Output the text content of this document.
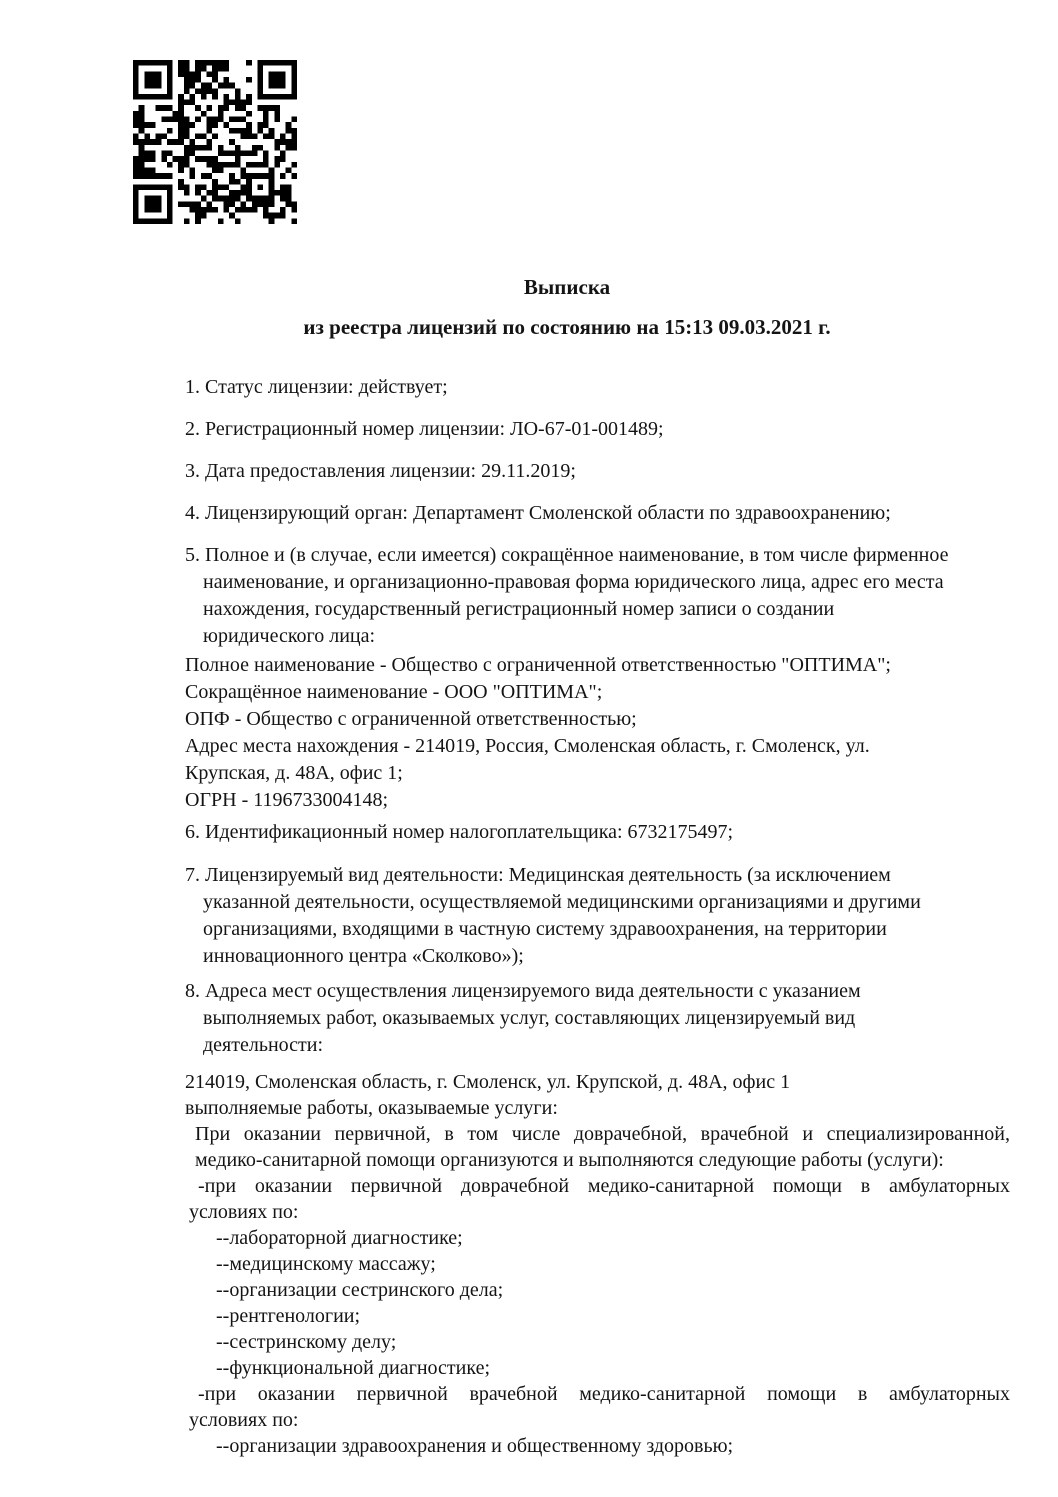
Выписка
из реестра лицензий по состоянию на 15:13 09.03.2021 г.

1. Статус лицензии: действует;

2. Регистрационный номер лицензии: ЛО-67-01-001489;

3. Дата предоставления лицензии: 29.11.2019;

4. Лицензирующий орган: Департамент Смоленской области по здравоохранению;

5. Полное и (в случае, если имеется) сокращённое наименование, в том числе фирменное
наименование, и организационно-правовая форма юридического лица, адрес его места
нахождения, государственный регистрационный номер записи о создании
юридического лица:
Полное наименование - Общество с ограниченной ответственностью "ОПТИМА";
Сокращённое наименование - ООО "ОПТИМА";
ОПФ - Общество с ограниченной ответственностью;
Адрес места нахождения - 214019, Россия, Смоленская область, г. Смоленск, ул.
Крупская, д. 48А, офис 1;
ОГРН - 1196733004148;

6. Идентификационный номер налогоплательщика: 6732175497;

7. Лицензируемый вид деятельности: Медицинская деятельность (за исключением
указанной деятельности, осуществляемой медицинскими организациями и другими
организациями, входящими в частную систему здравоохранения, на территории
инновационного центра «Сколково»);
8. Адреса мест осуществления лицензируемого вида деятельности с указанием
выполняемых работ, оказываемых услуг, составляющих лицензируемый вид
деятельности:
214019, Смоленская область, г. Смоленск, ул. Крупской, д. 48А, офис 1
выполняемые работы, оказываемые услуги:
При оказании первичной, в том числе доврачебной, врачебной и специализированной,
медико-санитарной помощи организуются и выполняются следующие работы (услуги):
-при оказании первичной доврачебной медико-санитарной помощи в амбулаторных
условиях по:
--лабораторной диагностике;
--медицинскому массажу;
--организации сестринского дела;
--рентгенологии;
--сестринскому делу;
--функциональной диагностике;
-при оказании первичной врачебной медико-санитарной помощи в амбулаторных
условиях по:
--организации здравоохранения и общественному здоровью;
